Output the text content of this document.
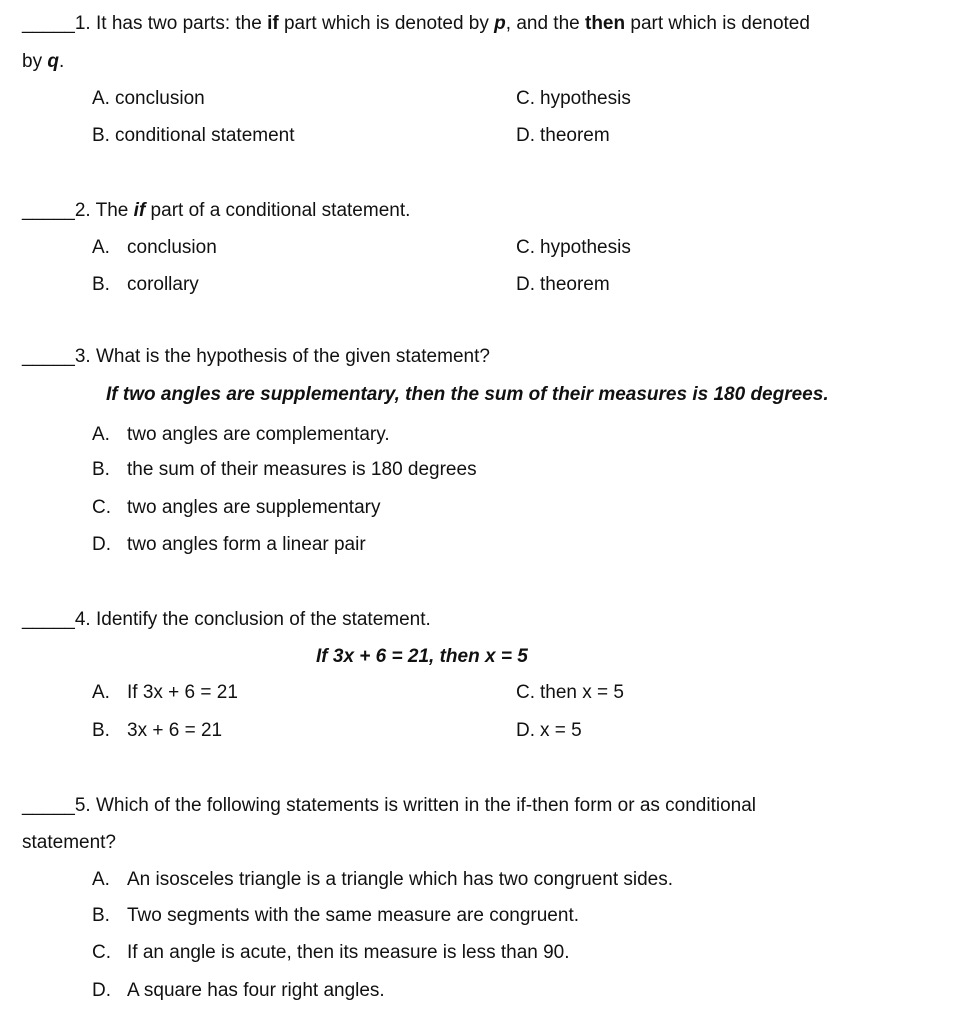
_____1. It has two parts: the if part which is denoted by p, and the then part which is denoted
by q.
A. conclusion
B. conditional statement
C. hypothesis
D. theorem
_____2. The if part of a conditional statement.
A. conclusion
B. corollary
C. hypothesis
D. theorem
_____3. What is the hypothesis of the given statement?
If two angles are supplementary, then the sum of their measures is 180 degrees.
A. two angles are complementary.
B. the sum of their measures is 180 degrees
C. two angles are supplementary
D. two angles form a linear pair
_____4. Identify the conclusion of the statement.
If 3x + 6 = 21, then x = 5
A. If 3x + 6 = 21
B. 3x + 6 = 21
C. then x = 5
D. x = 5
_____5. Which of the following statements is written in the if-then form or as conditional
statement?
A. An isosceles triangle is a triangle which has two congruent sides.
B. Two segments with the same measure are congruent.
C. If an angle is acute, then its measure is less than 90.
D. A square has four right angles.
